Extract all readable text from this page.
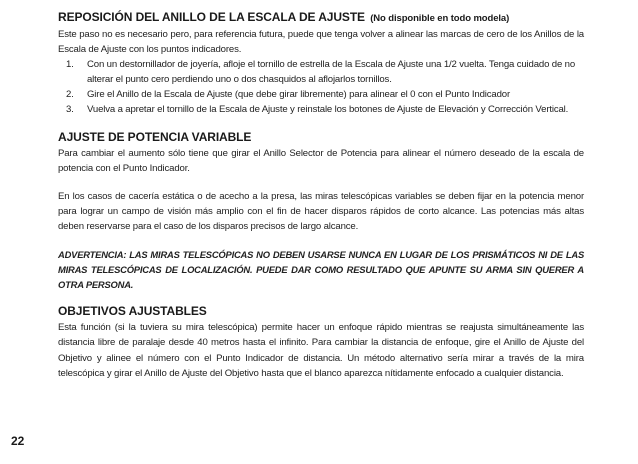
REPOSICIÓN DEL ANILLO DE LA ESCALA DE AJUSTE (No disponible en todo modela)

Este paso no es necesario pero, para referencia futura, puede que tenga volver a alinear las marcas de cero de los Anillos de la Escala de Ajuste con los puntos indicadores.

1. Con un destornillador de joyería, afloje el tornillo de estrella de la Escala de Ajuste una 1/2 vuelta. Tenga cuidado de no alterar el punto cero perdiendo uno o dos chasquidos al aflojarlos tornillos.
2. Gire el Anillo de la Escala de Ajuste (que debe girar libremente) para alinear el 0 con el Punto Indicador
3. Vuelva a apretar el tornillo de la Escala de Ajuste y reinstale los botones de Ajuste de Elevación y Corrección Vertical.
AJUSTE DE POTENCIA VARIABLE

Para cambiar el aumento sólo tiene que girar el Anillo Selector de Potencia para alinear el número deseado de la escala de potencia con el Punto Indicador.

En los casos de cacería estática o de acecho a la presa, las miras telescópicas variables se deben fijar en la potencia menor para lograr un campo de visión más amplio con el fin de hacer disparos rápidos de corto alcance. Las potencias más altas deben reservarse para el caso de los disparos precisos de largo alcance.

ADVERTENCIA: LAS MIRAS TELESCÓPICAS NO DEBEN USARSE NUNCA EN LUGAR DE LOS PRISMÁTICOS NI DE LAS MIRAS TELESCÓPICAS DE LOCALIZACIÓN. PUEDE DAR COMO RESULTADO QUE APUNTE SU ARMA SIN QUERER A OTRA PERSONA.

OBJETIVOS AJUSTABLES

Esta función (si la tuviera su mira telescópica) permite hacer un enfoque rápido mientras se reajusta simultáneamente las distancia libre de paralaje desde 40 metros hasta el infinito. Para cambiar la distancia de enfoque, gire el Anillo de Ajuste del Objetivo y alinee el número con el Punto Indicador de distancia. Un método alternativo sería mirar a través de la mira telescópica y girar el Anillo de Ajuste del Objetivo hasta que el blanco aparezca nítidamente enfocado a cualquier distancia.

22
